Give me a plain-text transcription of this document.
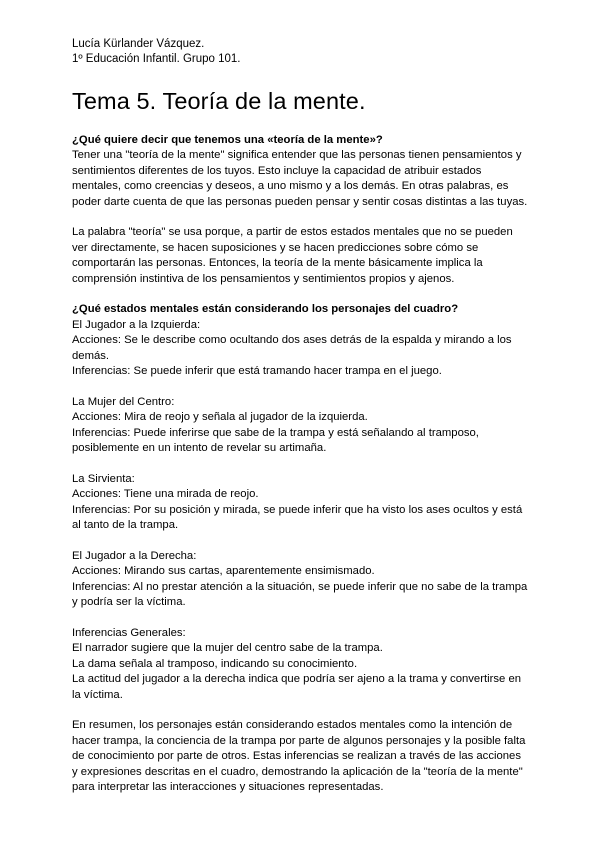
Lucía Kürlander Vázquez.

1º Educación Infantil. Grupo 101.

Tema 5. Teoría de la mente.

¿Qué quiere decir que tenemos una «teoría de la mente»?

Tener una "teoría de la mente" significa entender que las personas tienen pensamientos y sentimientos diferentes de los tuyos. Esto incluye la capacidad de atribuir estados mentales, como creencias y deseos, a uno mismo y a los demás. En otras palabras, es poder darte cuenta de que las personas pueden pensar y sentir cosas distintas a las tuyas.

La palabra "teoría" se usa porque, a partir de estos estados mentales que no se pueden ver directamente, se hacen suposiciones y se hacen predicciones sobre cómo se comportarán las personas. Entonces, la teoría de la mente básicamente implica la comprensión instintiva de los pensamientos y sentimientos propios y ajenos.

¿Qué estados mentales están considerando los personajes del cuadro?

El Jugador a la Izquierda:

Acciones: Se le describe como ocultando dos ases detrás de la espalda y mirando a los demás.

Inferencias: Se puede inferir que está tramando hacer trampa en el juego.

La Mujer del Centro:

Acciones: Mira de reojo y señala al jugador de la izquierda.

Inferencias: Puede inferirse que sabe de la trampa y está señalando al tramposo, posiblemente en un intento de revelar su artimaña.

La Sirvienta:

Acciones: Tiene una mirada de reojo.

Inferencias: Por su posición y mirada, se puede inferir que ha visto los ases ocultos y está al tanto de la trampa.

El Jugador a la Derecha:

Acciones: Mirando sus cartas, aparentemente ensimismado.

Inferencias: Al no prestar atención a la situación, se puede inferir que no sabe de la trampa y podría ser la víctima.

Inferencias Generales:

El narrador sugiere que la mujer del centro sabe de la trampa.

La dama señala al tramposo, indicando su conocimiento.

La actitud del jugador a la derecha indica que podría ser ajeno a la trama y convertirse en la víctima.

En resumen, los personajes están considerando estados mentales como la intención de hacer trampa, la conciencia de la trampa por parte de algunos personajes y la posible falta de conocimiento por parte de otros. Estas inferencias se realizan a través de las acciones y expresiones descritas en el cuadro, demostrando la aplicación de la "teoría de la mente" para interpretar las interacciones y situaciones representadas.
